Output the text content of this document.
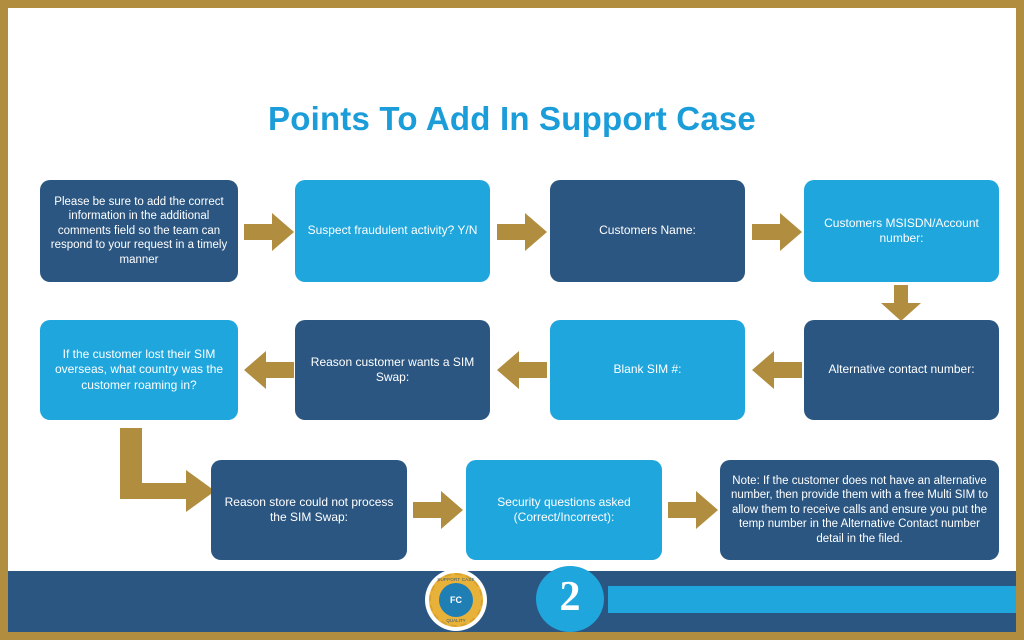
Points To Add In Support Case
Please be sure to add the correct information in the additional comments field so the team can respond to your request in a timely manner
Suspect fraudulent activity? Y/N	Customers Name:
Customers MSISDN/Account number:
If the customer lost their SIM overseas, what country was the customer roaming in?
Reason customer wants a SIM Swap:
Blank SIM #:	Alternative contact number:
Reason store could not process the SIM Swap:
Security questions asked (Correct/Incorrect):
Note: If the customer does not have an alternative number, then provide them with a free Multi SIM to allow them to receive calls and ensure you put the temp number in the Alternative Contact number detail in the filed.
SUPPORT CASE
FC
QUALITY
2
